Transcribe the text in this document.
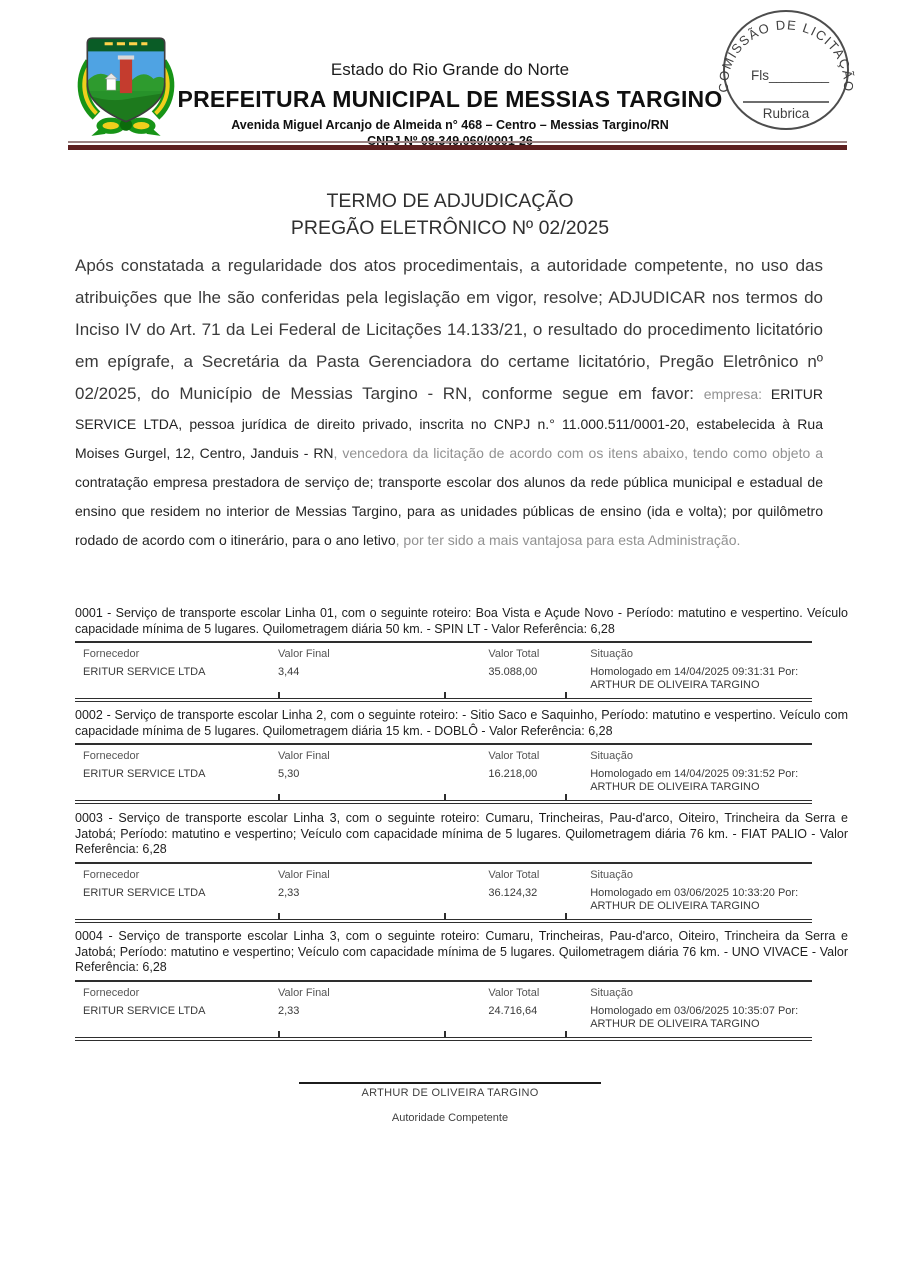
Estado do Rio Grande do Norte
PREFEITURA MUNICIPAL DE MESSIAS TARGINO
Avenida Miguel Arcanjo de Almeida n° 468 – Centro – Messias Targino/RN
COMISSÃO DE LICITAÇÃO
Fls________
Rubrica
TERMO DE ADJUDICAÇÃO
PREGÃO ELETRÔNICO Nº 02/2025

Após constatada a regularidade dos atos procedimentais, a autoridade competente, no uso das atribuições que lhe são conferidas pela legislação em vigor, resolve; ADJUDICAR nos termos do Inciso IV do Art. 71 da Lei Federal de Licitações 14.133/21, o resultado do procedimento licitatório em epígrafe, a Secretária da Pasta Gerenciadora do certame licitatório, Pregão Eletrônico nº 02/2025, do Município de Messias Targino - RN, conforme segue em favor: empresa: ERITUR SERVICE LTDA, pessoa jurídica de direito privado, inscrita no CNPJ n.° 11.000.511/0001-20, estabelecida à Rua Moises Gurgel, 12, Centro, Janduis - RN, vencedora da licitação de acordo com os itens abaixo, tendo como objeto a contratação empresa prestadora de serviço de; transporte escolar dos alunos da rede pública municipal e estadual de ensino que residem no interior de Messias Targino, para as unidades públicas de ensino (ida e volta); por quilômetro rodado de acordo com o itinerário, para o ano letivo, por ter sido a mais vantajosa para esta Administração.

0001 - Serviço de transporte escolar Linha 01, com o seguinte roteiro: Boa Vista e Açude Novo - Período: matutino e vespertino. Veículo capacidade mínima de 5 lugares. Quilometragem diária 50 km. - SPIN LT - Valor Referência: 6,28

Fornecedor	Valor Final	Valor Total	Situação
ERITUR SERVICE LTDA	3,44	35.088,00	Homologado em 14/04/2025 09:31:31 Por:
ARTHUR DE OLIVEIRA TARGINO

0002 - Serviço de transporte escolar Linha 2, com o seguinte roteiro: - Sitio Saco e Saquinho, Período: matutino e vespertino. Veículo com capacidade mínima de 5 lugares. Quilometragem diária 15 km. - DOBLÔ - Valor Referência: 6,28

Fornecedor	Valor Final	Valor Total	Situação
ERITUR SERVICE LTDA	5,30	16.218,00	Homologado em 14/04/2025 09:31:52 Por:
ARTHUR DE OLIVEIRA TARGINO

0003 - Serviço de transporte escolar Linha 3, com o seguinte roteiro: Cumaru, Trincheiras, Pau-d'arco, Oiteiro, Trincheira da Serra e Jatobá; Período: matutino e vespertino; Veículo com capacidade mínima de 5 lugares. Quilometragem diária 76 km. - FIAT PALIO - Valor Referência: 6,28

Fornecedor	Valor Final	Valor Total	Situação
ERITUR SERVICE LTDA	2,33	36.124,32	Homologado em 03/06/2025 10:33:20 Por:
ARTHUR DE OLIVEIRA TARGINO

0004 - Serviço de transporte escolar Linha 3, com o seguinte roteiro: Cumaru, Trincheiras, Pau-d'arco, Oiteiro, Trincheira da Serra e Jatobá; Período: matutino e vespertino; Veículo com capacidade mínima de 5 lugares. Quilometragem diária 76 km. - UNO VIVACE - Valor Referência: 6,28

Fornecedor	Valor Final	Valor Total	Situação
ERITUR SERVICE LTDA	2,33	24.716,64	Homologado em 03/06/2025 10:35:07 Por:
ARTHUR DE OLIVEIRA TARGINO
ARTHUR DE OLIVEIRA TARGINO
Autoridade Competente
